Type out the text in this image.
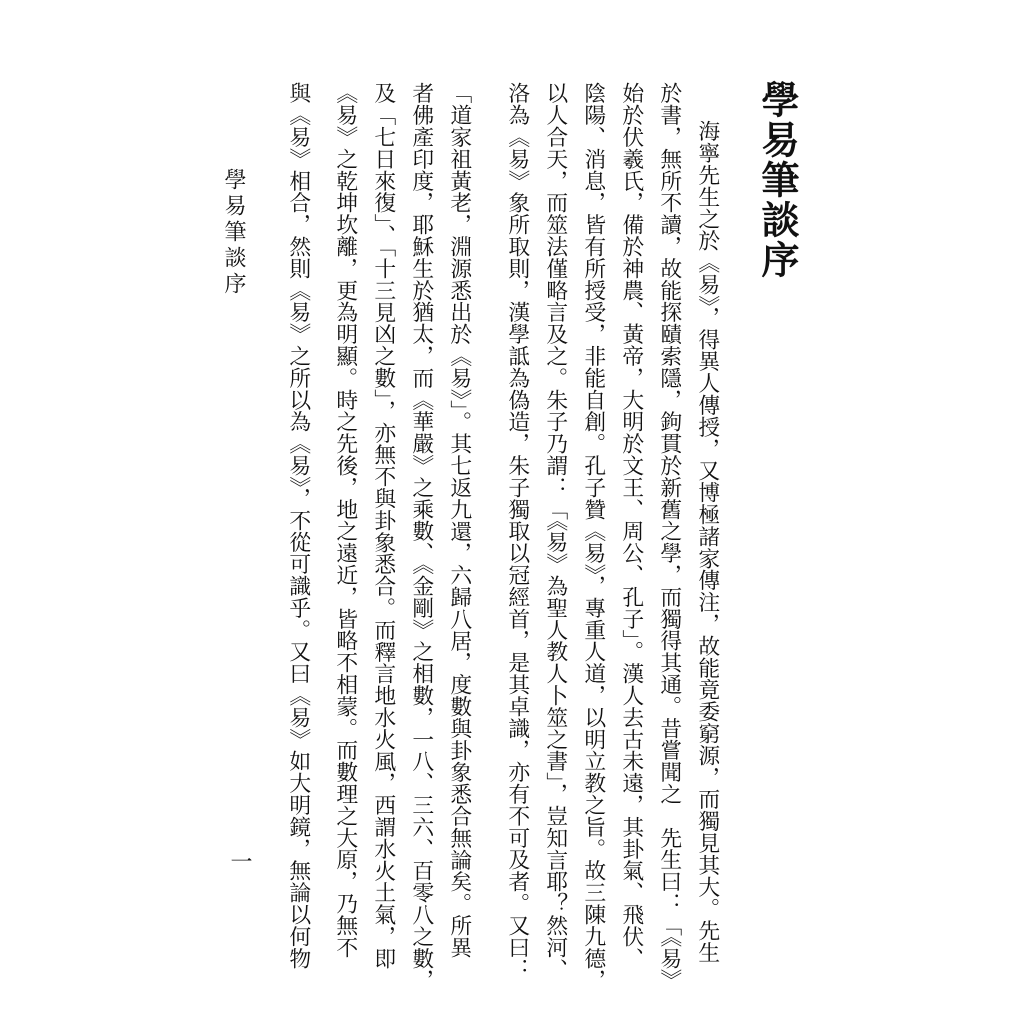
學易筆談序
海寧先生之於《易》，得異人傳授，又博極諸家傳注，故能竟委窮源，而獨見其大。先生
於書，無所不讀，故能探賾索隱，鉤貫於新舊之學，而獨得其通。昔嘗聞之　先生曰：「《易》
始於伏羲氏，備於神農、黃帝，大明於文王、周公、孔子」。漢人去古未遠，其卦氣、飛伏、
陰陽、消息，皆有所授受，非能自創。孔子贊《易》，專重人道，以明立教之旨。故三陳九德，
以人合天，而筮法僅略言及之。朱子乃謂：「《易》為聖人教人卜筮之書」，豈知言耶？然河、
洛為《易》象所取則，漢學詆為偽造，朱子獨取以冠經首，是其卓識，亦有不可及者。又曰：
「道家祖黃老，淵源悉出於《易》」。其七返九還，六歸八居，度數與卦象悉合無論矣。所異
者佛產印度，耶穌生於猶太，而《華嚴》之乘數、《金剛》之相數，一八、三六、百零八之數，
及「七日來復」、「十三見凶之數」，亦無不與卦象悉合。而釋言地水火風，西謂水火土氣，即
《易》之乾坤坎離，更為明顯。時之先後，地之遠近，皆略不相蒙。而數理之大原，乃無不
與《易》相合，然則《易》之所以為《易》，不從可識乎。又曰《易》如大明鏡，無論以何物
學易筆談序
一
